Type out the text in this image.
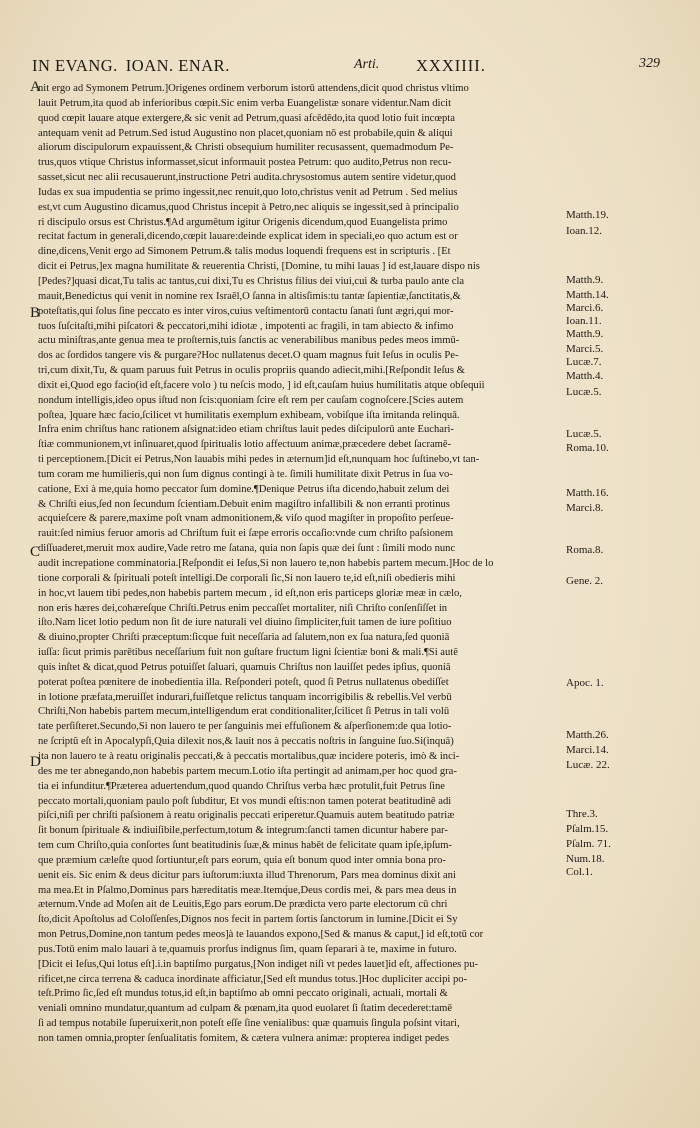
IN EVANG. IOAN. ENAR.	Arti. XXXIIII.	329
A
B
C
D
nit ergo ad Symonem Petrum.]Origenes ordinem verborum istorū attendens,dicit quod christus vltimo
lauit Petrum,ita quod ab inferioribus cœpit.Sic enim verba Euangelistæ sonare videntur.Nam dicit
quod cœpit lauare atque extergere,& sic venit ad Petrum,quasi afcēdēdo,ita quod lotio fuit incœpta
antequam venit ad Petrum.Sed istud Augustino non placet,quoniam nō est probabile,quin & aliqui
aliorum discipulorum expauissent,& Christi obsequium humiliter recusassent, quemadmodum Pe-
trus,quos vtique Christus informasset,sicut informauit postea Petrum: quo audito,Petrus non recu-
sasset,sicut nec alii recusauerunt,instructione Petri audita.chrysostomus autem sentire videtur,quod
Iudas ex sua impudentia se primo ingessit,nec renuit,quo loto,christus venit ad Petrum . Sed melius
est,vt cum Augustino dicamus,quod Christus incepit à Petro,nec aliquis se ingessit,sed à principalio
ri discipulo orsus est Christus.¶Ad argumētum igitur Origenis dicendum,quod Euangelista primo
recitat factum in generali,dicendo,cœpit lauare:deinde explicat idem in speciali,eo quo actum est or
dine,dicens,Venit ergo ad Simonem Petrum.& talis modus loquendi frequens est in scripturis . [Et
dicit ei Petrus,]ex magna humilitate & reuerentia Christi, [Domine, tu mihi lauas ] id est,lauare dispo nis
[Pedes?]quasi dicat,Tu talis ac tantus,cui dixi,Tu es Christus filius dei viui,cui & turba paulo ante cla
mauit,Benedictus qui venit in nomine rex Israēl,O ſanna in altisſimis:tu tantæ ſapientiæ,ſanctitatis,&
poteſtatis,qui ſolus ſine peccato es inter viros,cuius veſtimentorū contactu ſanati ſunt ægri,qui mor-
tuos ſuſcitaſti,mihi piſcatori & peccatori,mihi idiotæ , impotenti ac fragili, in tam abiecto & infimo
actu miniſtras,ante genua mea te proſternis,tuis ſanctis ac venerabilibus manibus pedes meos immū-
dos ac ſordidos tangere vis & purgare?Hoc nullatenus decet.O quam magnus fuit Ieſus in oculis Pe-
tri,cum dixit,Tu, & quam paruus fuit Petrus in oculis propriis quando adiecit,mihi.[Reſpondit Ieſus &
dixit ei,Quod ego facio(id eſt,facere volo ) tu neſcis modo, ] id eſt,cauſam huius humilitatis atque obſequii
nondum intelligis,ideo opus iſtud non ſcis:quoniam ſcire eſt rem per cauſam cognoſcere.[Scies autem
poſtea, ]quare hæc facio,ſcilicet vt humilitatis exemplum exhibeam, vobiſque iſta imitanda relinquā.
Infra enim chriſtus hanc rationem aſsignat:ideo etiam chriſtus lauit pedes diſcipulorū ante Euchari-
ſtiæ communionem,vt inſinuaret,quod ſpiritualis lotio affectuum animæ,præcedere debet ſacramē-
ti perceptionem.[Dicit ei Petrus,Non lauabis mihi pedes in æternum]id eſt,nunquam hoc ſuſtinebo,vt tan-
tum coram me humilieris,qui non ſum dignus contingi à te. ſimili humilitate dixit Petrus in ſua vo-
catione, Exi à me,quia homo peccator ſum domine.¶Denique Petrus iſta dicendo,habuit zelum dei
& Chriſti eius,ſed non ſecundum ſcientiam.Debuit enim magiſtro infallibili & non erranti protinus
acquieſcere & parere,maxime poſt vnam admonitionem,& viſo quod magiſter in propoſito perſeue-
rauit:ſed nimius feruor amoris ad Chriſtum fuit ei ſæpe erroris occaſio:vnde cum chriſto paſsionem
diſſuaderet,meruit mox audire,Vade retro me ſatana, quia non ſapis quæ dei ſunt : ſimili modo nunc
audit increpatione comminatoria.[Reſpondit ei Ieſus,Si non lauero te,non habebis partem mecum.]Hoc de lo
tione corporali & ſpirituali poteſt intelligi.De corporali ſic,Si non lauero te,id eſt,niſi obedieris mihi
in hoc,vt lauem tibi pedes,non habebis partem mecum , id eſt,non eris particeps gloriæ meæ in cælo,
non eris hæres dei,cohæreſque Chriſti.Petrus enim peccaſſet mortaliter, niſi Chriſto conſenſiſſet in
iſto.Nam licet lotio pedum non ſit de iure naturali vel diuino ſimpliciter,fuit tamen de iure poſitiuo
& diuino,propter Chriſti præceptum:ſicque fuit neceſſaria ad ſalutem,non ex ſua natura,ſed quoniā
iuſſa: ſicut primis parētibus neceſſarium fuit non guſtare fructum ligni ſcientiæ boni & mali.¶Si autē
quis inſtet & dicat,quod Petrus potuiſſet ſaluari, quamuis Chriſtus non lauiſſet pedes ipſius, quoniā
poterat poſtea pœnitere de inobedientia illa. Reſponderi poteſt, quod ſi Petrus nullatenus obediſſet
in lotione præfata,meruiſſet indurari,fuiſſetque relictus tanquam incorrigibilis & rebellis.Vel verbū
Chriſti,Non habebis partem mecum,intelligendum erat conditionaliter,ſcilicet ſi Petrus in tali volū
tate perſiſteret.Secundo,Si non lauero te per ſanguinis mei effuſionem & aſperſionem:de qua lotio-
ne ſcriptū eſt in Apocalypſi,Quia dilexit nos,& lauit nos à peccatis noſtris in ſanguine ſuo.Si(inquā)
ita non lauero te à reatu originalis peccati,& à peccatis mortalibus,quæ incidere poteris, imò & inci-
des me ter abnegando,non habebis partem mecum.Lotio iſta pertingit ad animam,per hoc quod gra-
tia ei infunditur.¶Præterea aduertendum,quod quando Chriſtus verba hæc protulit,fuit Petrus ſine
peccato mortali,quoniam paulo poſt ſubditur, Et vos mundi eſtis:non tamen poterat beatitudinē adi
piſci,niſi per chriſti paſsionem à reatu originalis peccati eriperetur.Quamuis autem beatitudo patriæ
ſit bonum ſpirituale & indiuiſibile,perfectum,totum & integrum:ſancti tamen dicuntur habere par-
tem cum Chriſto,quia conſortes ſunt beatitudinis ſuæ,& minus habēt de felicitate quam ipſe,ipſum-
que præmium cæleſte quod ſortiuntur,eſt pars eorum, quia eſt bonum quod inter omnia bona pro-
uenit eis. Sic enim & deus dicitur pars iuſtorum:iuxta illud Threnorum, Pars mea dominus dixit ani
ma mea.Et in Pſalmo,Dominus pars hæreditatis meæ.Itemq́ue,Deus cordis mei, & pars mea deus in
æternum.Vnde ad Moſen ait de Leuitis,Ego pars eorum.De prædicta vero parte electorum cū chri
ſto,dicit Apoſtolus ad Coloſſenſes,Dignos nos fecit in partem ſortis ſanctorum in lumine.[Dicit ei Sy
mon Petrus,Domine,non tantum pedes meos]à te lauandos expono,[Sed & manus & caput,] id eſt,totū cor
pus.Totū enim malo lauari à te,quamuis prorſus indignus ſim, quam ſeparari à te, maxime in futuro.
[Dicit ei Ieſus,Qui lotus eſt].i.in baptiſmo purgatus,[Non indiget niſi vt pedes lauet]id eſt, affectiones pu-
rificet,ne circa terrena & caduca inordinate afficiatur,[Sed eſt mundus totus.]Hoc dupliciter accipi po-
teſt.Primo ſic,ſed eſt mundus totus,id eſt,in baptiſmo ab omni peccato originali, actuali, mortali &
veniali omnino mundatur,quantum ad culpam & pœnam,ita quod euolaret ſi ſtatim decederet:tamē
ſi ad tempus notabile ſuperuixerit,non poteſt eſſe ſine venialibus: quæ quamuis ſingula poſsint vitari,
non tamen omnia,propter ſenſualitatis fomitem, & cætera vulnera animæ: propterea indiget pedes
Matth.19.
Ioan.12.
Matth.9.
Matth.14.
Marci.6.
Ioan.11.
Matth.9.
Marci.5.
Lucæ.7.
Matth.4.
Lucæ.5.
Lucæ.5.
Roma.10.
Matth.16.
Marci.8.
Roma.8.
Gene. 2.
Apoc. 1.
Matth.26.
Marci.14.
Lucæ. 22.
Thre.3.
Pſalm.15.
Pſalm. 71.
Num.18.
Col.1.
